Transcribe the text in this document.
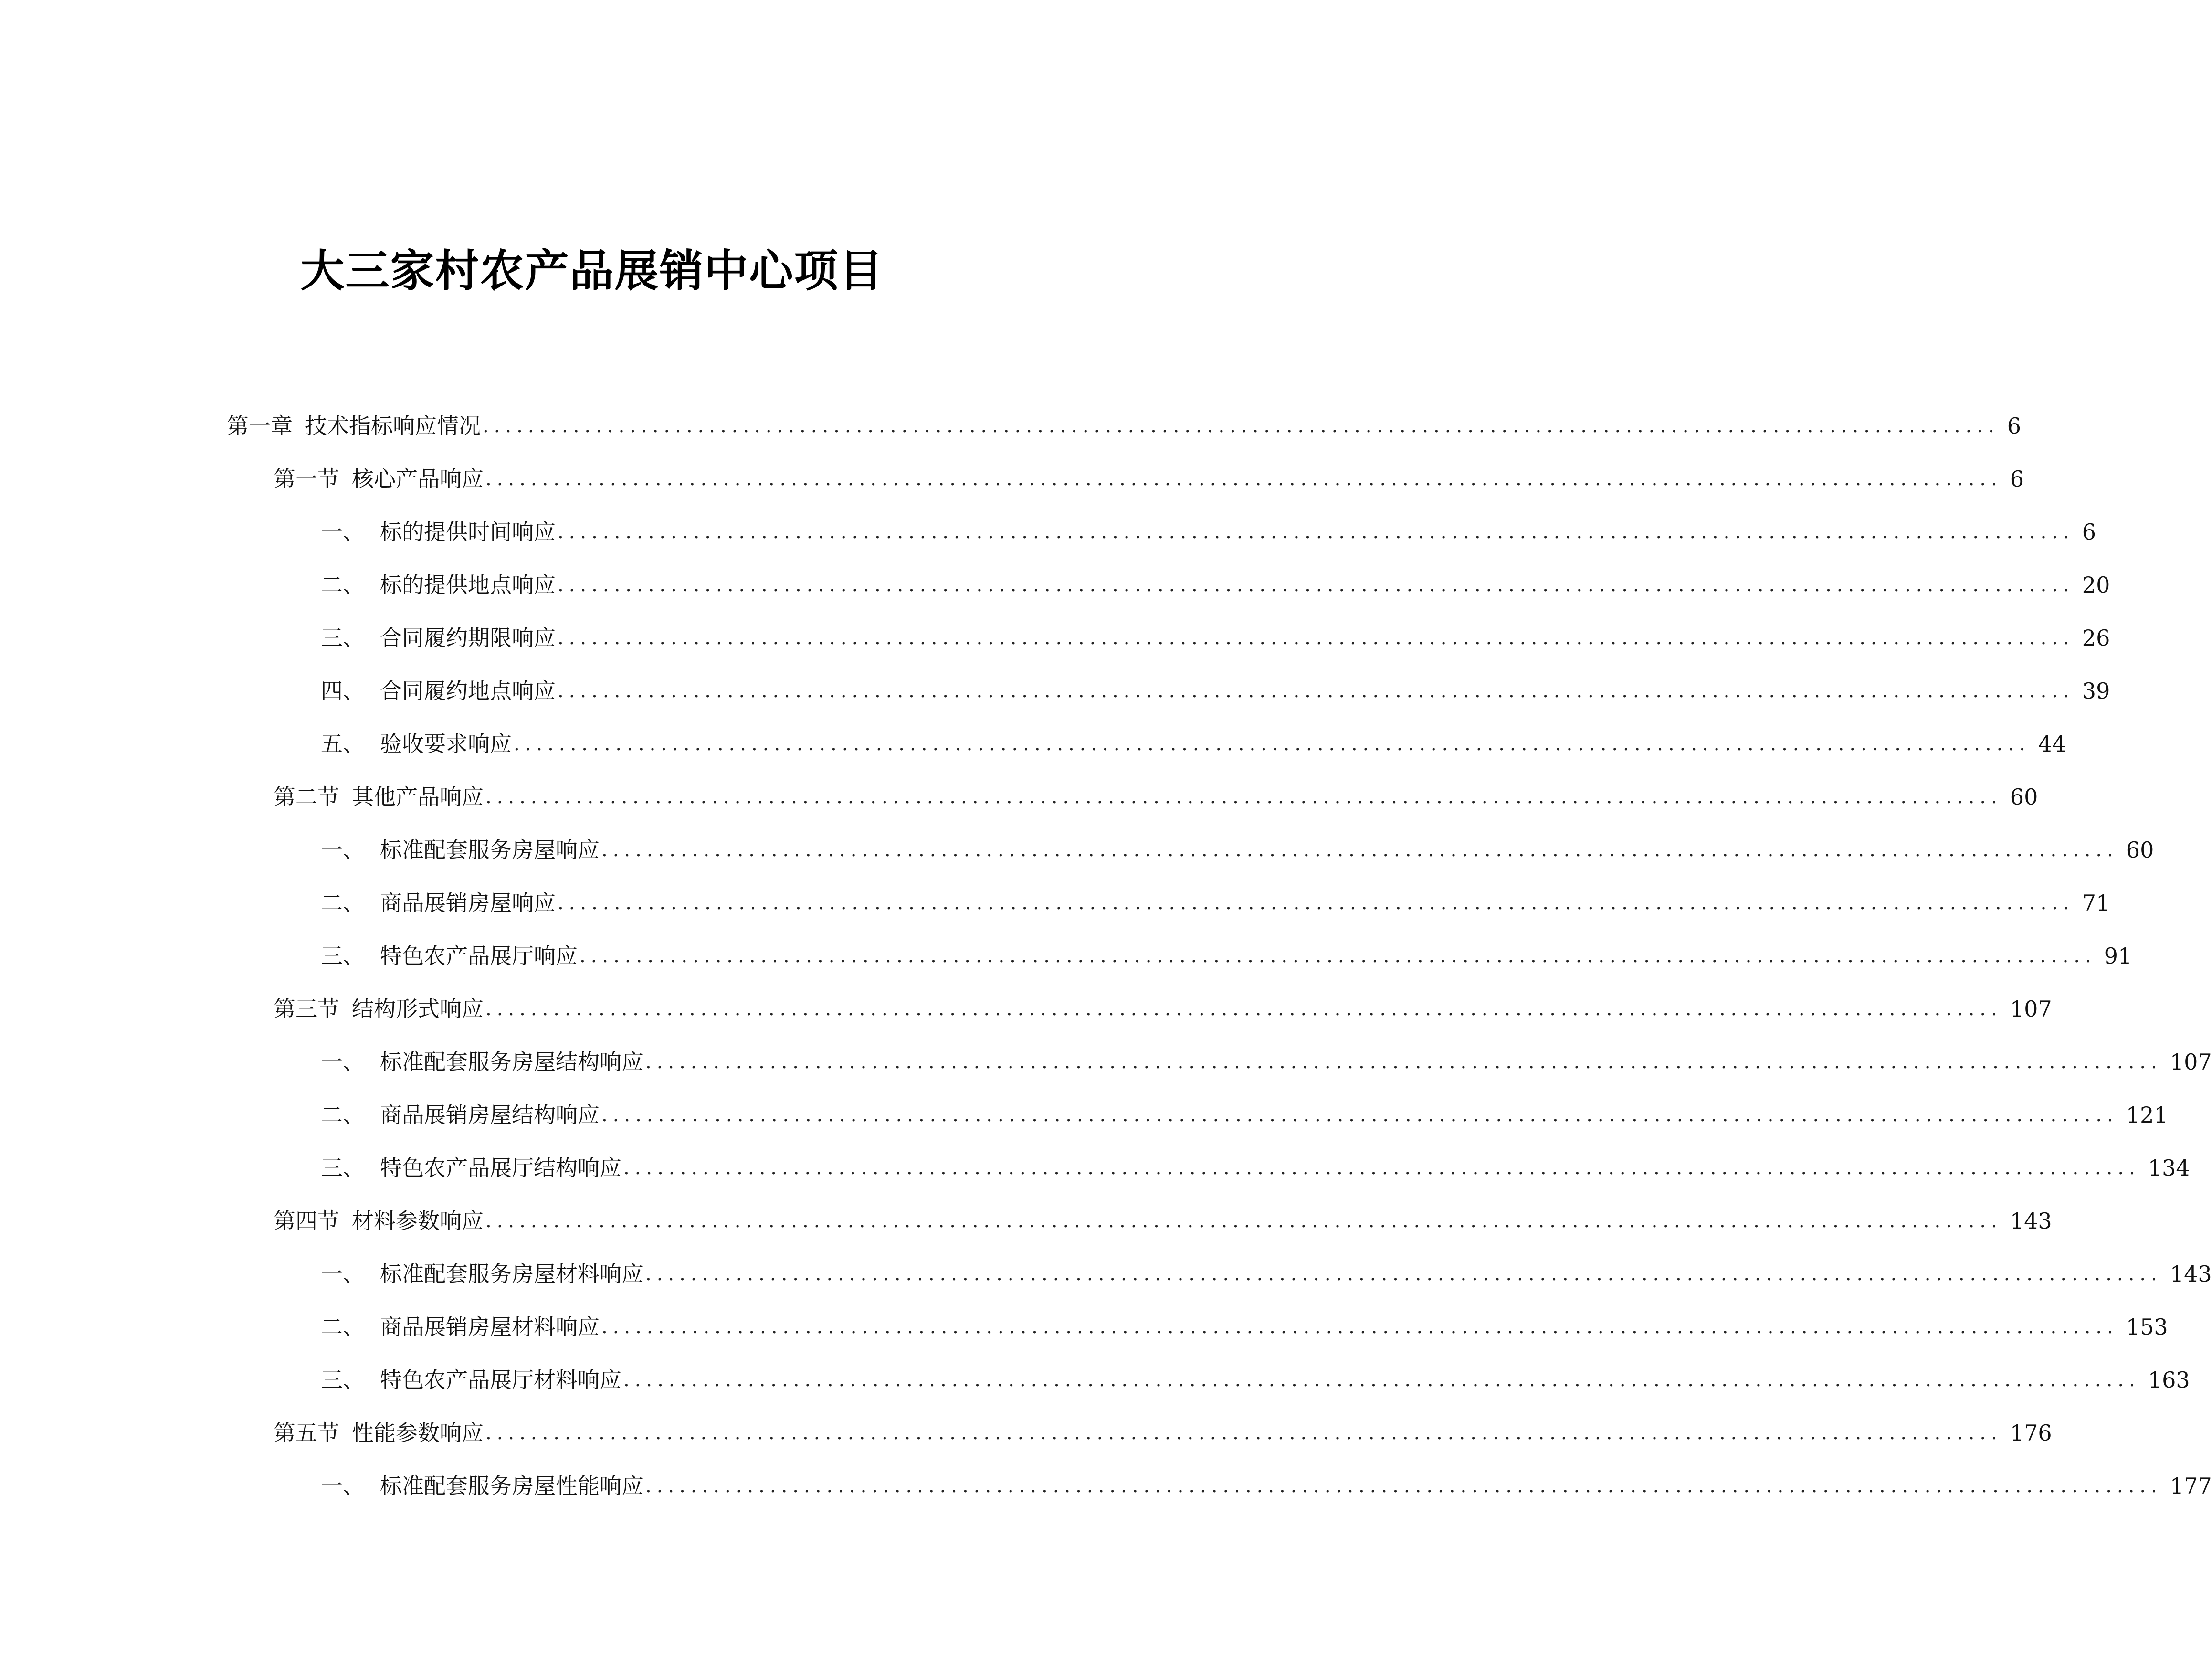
大三家村农产品展销中心项目
第一章 技术指标响应情况 ...................................................................................................................................... 6
第一节 核心产品响应 ...................................................................................................................................... 6
一、 标的提供时间响应 ...................................................................................................................................... 6
二、 标的提供地点响应 ...................................................................................................................................... 20
三、 合同履约期限响应 ...................................................................................................................................... 26
四、 合同履约地点响应 ...................................................................................................................................... 39
五、 验收要求响应 ...................................................................................................................................... 44
第二节 其他产品响应 ...................................................................................................................................... 60
一、 标准配套服务房屋响应 ...................................................................................................................................... 60
二、 商品展销房屋响应 ...................................................................................................................................... 71
三、 特色农产品展厅响应 ...................................................................................................................................... 91
第三节 结构形式响应 ...................................................................................................................................... 107
一、 标准配套服务房屋结构响应 ...................................................................................................................................... 107
二、 商品展销房屋结构响应 ...................................................................................................................................... 121
三、 特色农产品展厅结构响应 ...................................................................................................................................... 134
第四节 材料参数响应 ...................................................................................................................................... 143
一、 标准配套服务房屋材料响应 ...................................................................................................................................... 143
二、 商品展销房屋材料响应 ...................................................................................................................................... 153
三、 特色农产品展厅材料响应 ...................................................................................................................................... 163
第五节 性能参数响应 ...................................................................................................................................... 176
一、 标准配套服务房屋性能响应 ...................................................................................................................................... 177
